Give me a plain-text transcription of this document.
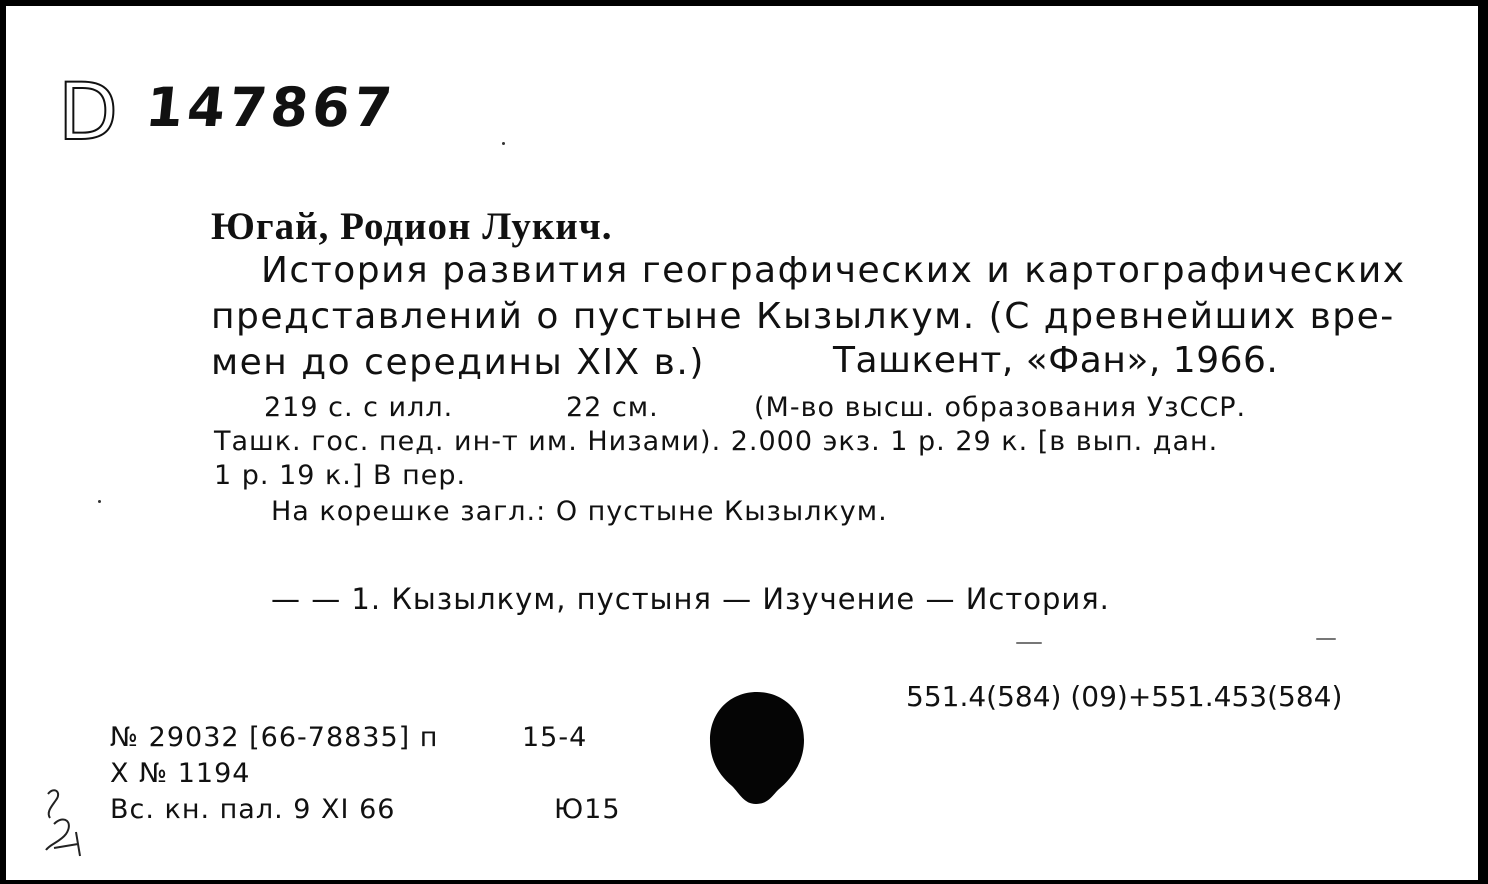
D 147867
Югай, Родион Лукич.
История развития географических и картографических
представлений о пустыне Кызылкум. (С древнейших вре-
мен до середины XIX в.)	Ташкент, «Фан», 1966.
219 с. с илл.	22 см.	(М-во высш. образования УзССР.
Ташк. гос. пед. ин-т им. Низами). 2.000 экз. 1 р. 29 к. [в вып. дан.
1 р. 19 к.] В пер.
На корешке загл.: О пустыне Кызылкум.
— — 1. Кызылкум, пустыня — Изучение — История.
551.4(584) (09)+551.453(584)
№ 29032 [66-78835] п	15-4
X № 1194
Вс. кн. пал. 9 XI 66	Ю15
